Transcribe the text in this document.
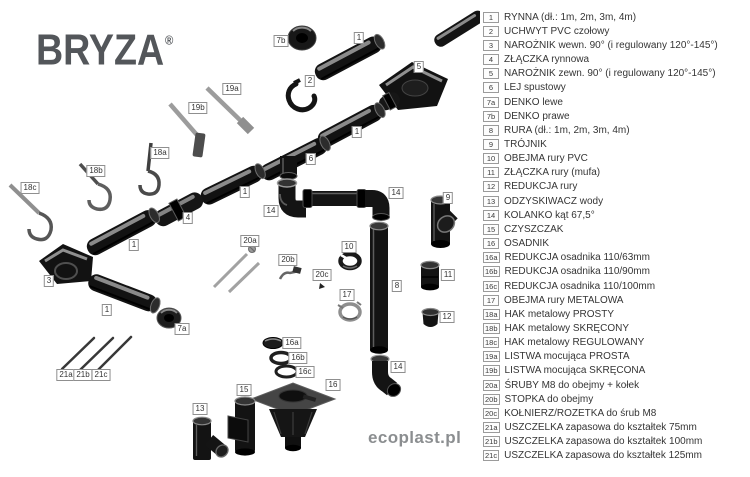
BRYZA®	7b	1
5
2
19a
19b
1
18a
6
18b
18c	1	14
9
14
4
20a
1	10
20b
20c	11
3
8
17
1
12
7a
16a
16b
14
16c
21a 21b 21c
16
15
13
ecoplast.pl
1	RYNNA (dł.: 1m, 2m, 3m, 4m)
2	UCHWYT PVC czołowy
3	NAROŻNIK wewn. 90° (i regulowany 120°-145°)
4	ZŁĄCZKA rynnowa
5	NAROŻNIK zewn. 90° (i regulowany 120°-145°)
6	LEJ spustowy
7a DENKO lewe
7b DENKO prawe
8	RURA (dł.: 1m, 2m, 3m, 4m)
9	TRÓJNIK
10 OBEJMA rury PVC
11 ZŁĄCZKA rury (mufa)
12 REDUKCJA rury
13 ODZYSKIWACZ wody
14 KOLANKO kąt 67,5°
15 CZYSZCZAK
16 OSADNIK
16a REDUKCJA osadnika 110/63mm
16b REDUKCJA osadnika 110/90mm
16c REDUKCJA osadnika 110/100mm
17 OBEJMA rury METALOWA
18a HAK metalowy PROSTY
18b HAK metalowy SKRĘCONY
18c HAK metalowy REGULOWANY
19a LISTWA mocująca PROSTA
19b LISTWA mocująca SKRĘCONA
20a ŚRUBY M8 do obejmy + kołek
20b STOPKA do obejmy
20c KOŁNIERZ/ROZETKA do śrub M8
21a USZCZELKA zapasowa do kształtek 75mm
21b USZCZELKA zapasowa do kształtek 100mm
21c USZCZELKA zapasowa do kształtek 125mm
